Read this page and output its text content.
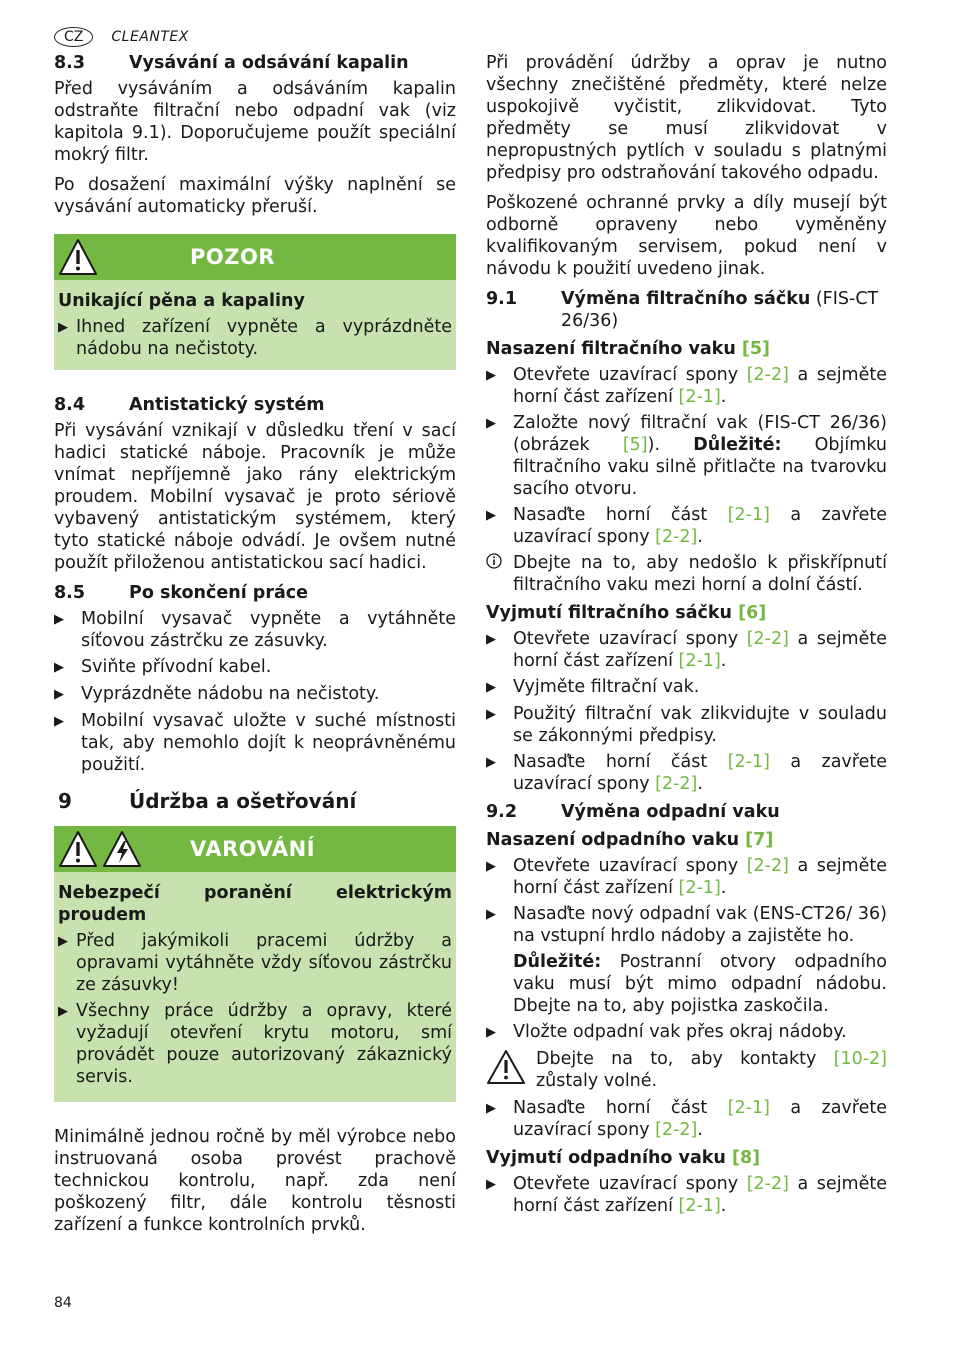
CZ	CLEANTEX
8.3	Vysávání a odsávání kapalin

Před vysáváním a odsáváním kapalin odstraňte filtrační nebo odpadní vak (viz kapitola 9.1). Doporučujeme použít speciální mokrý filtr.

Po dosažení maximální výšky naplnění se vysávání automaticky přeruší.

POZOR
Unikající pěna a kapaliny
▶ Ihned zařízení vypněte a vyprázdněte nádobu na nečistoty.
8.4	Antistatický systém

Při vysávání vznikají v důsledku tření v sací hadici statické náboje. Pracovník je může vnímat nepříjemně jako rány elektrickým proudem. Mobilní vysavač je proto sériově vybavený antistatickým systémem, který tyto statické náboje odvádí. Je ovšem nutné použít přiloženou antistatickou sací hadici.

8.5	Po skončení práce
▶ Mobilní vysavač vypněte a vytáhněte síťovou zástrčku ze zásuvky.
▶ Sviňte přívodní kabel.
▶ Vyprázdněte nádobu na nečistoty.
▶ Mobilní vysavač uložte v suché místnosti tak, aby nemohlo dojít k neoprávněnému použití.
9	Údržba a ošetřování
VAROVÁNÍ
Nebezpečí poranění elektrickým proudem
▶ Před jakýmikoli pracemi údržby a opravami vytáhněte vždy síťovou zástrčku ze zásuvky!
▶ Všechny práce údržby a opravy, které vyžadují otevření krytu motoru, smí provádět pouze autorizovaný zákaznický servis.

Minimálně jednou ročně by měl výrobce nebo instruovaná osoba provést prachově technickou kontrolu, např. zda není poškozený filtr, dále kontrolu těsnosti zařízení a funkce kontrolních prvků.

Při provádění údržby a oprav je nutno všechny znečištěné předměty, které nelze uspokojivě vyčistit, zlikvidovat. Tyto předměty se musí zlikvidovat v nepropustných pytlích v souladu s platnými předpisy pro odstraňování takového odpadu.

Poškozené ochranné prvky a díly musejí být odborně opraveny nebo vyměněny kvalifikovaným servisem, pokud není v návodu k použití uvedeno jinak.

9.1	Výměna filtračního sáčku (FIS-CT 26/36)
Nasazení filtračního vaku [5]
▶ Otevřete uzavírací spony [2-2] a sejměte horní část zařízení [2-1].
▶ Založte nový filtrační vak (FIS-CT 26/36) (obrázek [5]). Důležité: Objímku filtračního vaku silně přitlačte na tvarovku sacího otvoru.
▶ Nasaďte horní část [2-1] a zavřete uzavírací spony [2-2].
Dbejte na to, aby nedošlo k přiskřípnutí filtračního vaku mezi horní a dolní částí.
Vyjmutí filtračního sáčku [6]
▶ Otevřete uzavírací spony [2-2] a sejměte horní část zařízení [2-1].
▶ Vyjměte filtrační vak.
▶ Použitý filtrační vak zlikvidujte v souladu se zákonnými předpisy.
▶ Nasaďte horní část [2-1] a zavřete uzavírací spony [2-2].
9.2	Výměna odpadní vaku
Nasazení odpadního vaku [7]
▶ Otevřete uzavírací spony [2-2] a sejměte horní část zařízení [2-1].
▶ Nasaďte nový odpadní vak (ENS-CT26/ 36) na vstupní hrdlo nádoby a zajistěte ho.

Důležité: Postranní otvory odpadního vaku musí být mimo odpadní nádobu. Dbejte na to, aby pojistka zaskočila.
▶ Vložte odpadní vak přes okraj nádoby.
Dbejte na to, aby kontakty [10-2] zůstaly volné.
▶ Nasaďte horní část [2-1] a zavřete uzavírací spony [2-2].
Vyjmutí odpadního vaku [8]
▶ Otevřete uzavírací spony [2-2] a sejměte horní část zařízení [2-1].
84
